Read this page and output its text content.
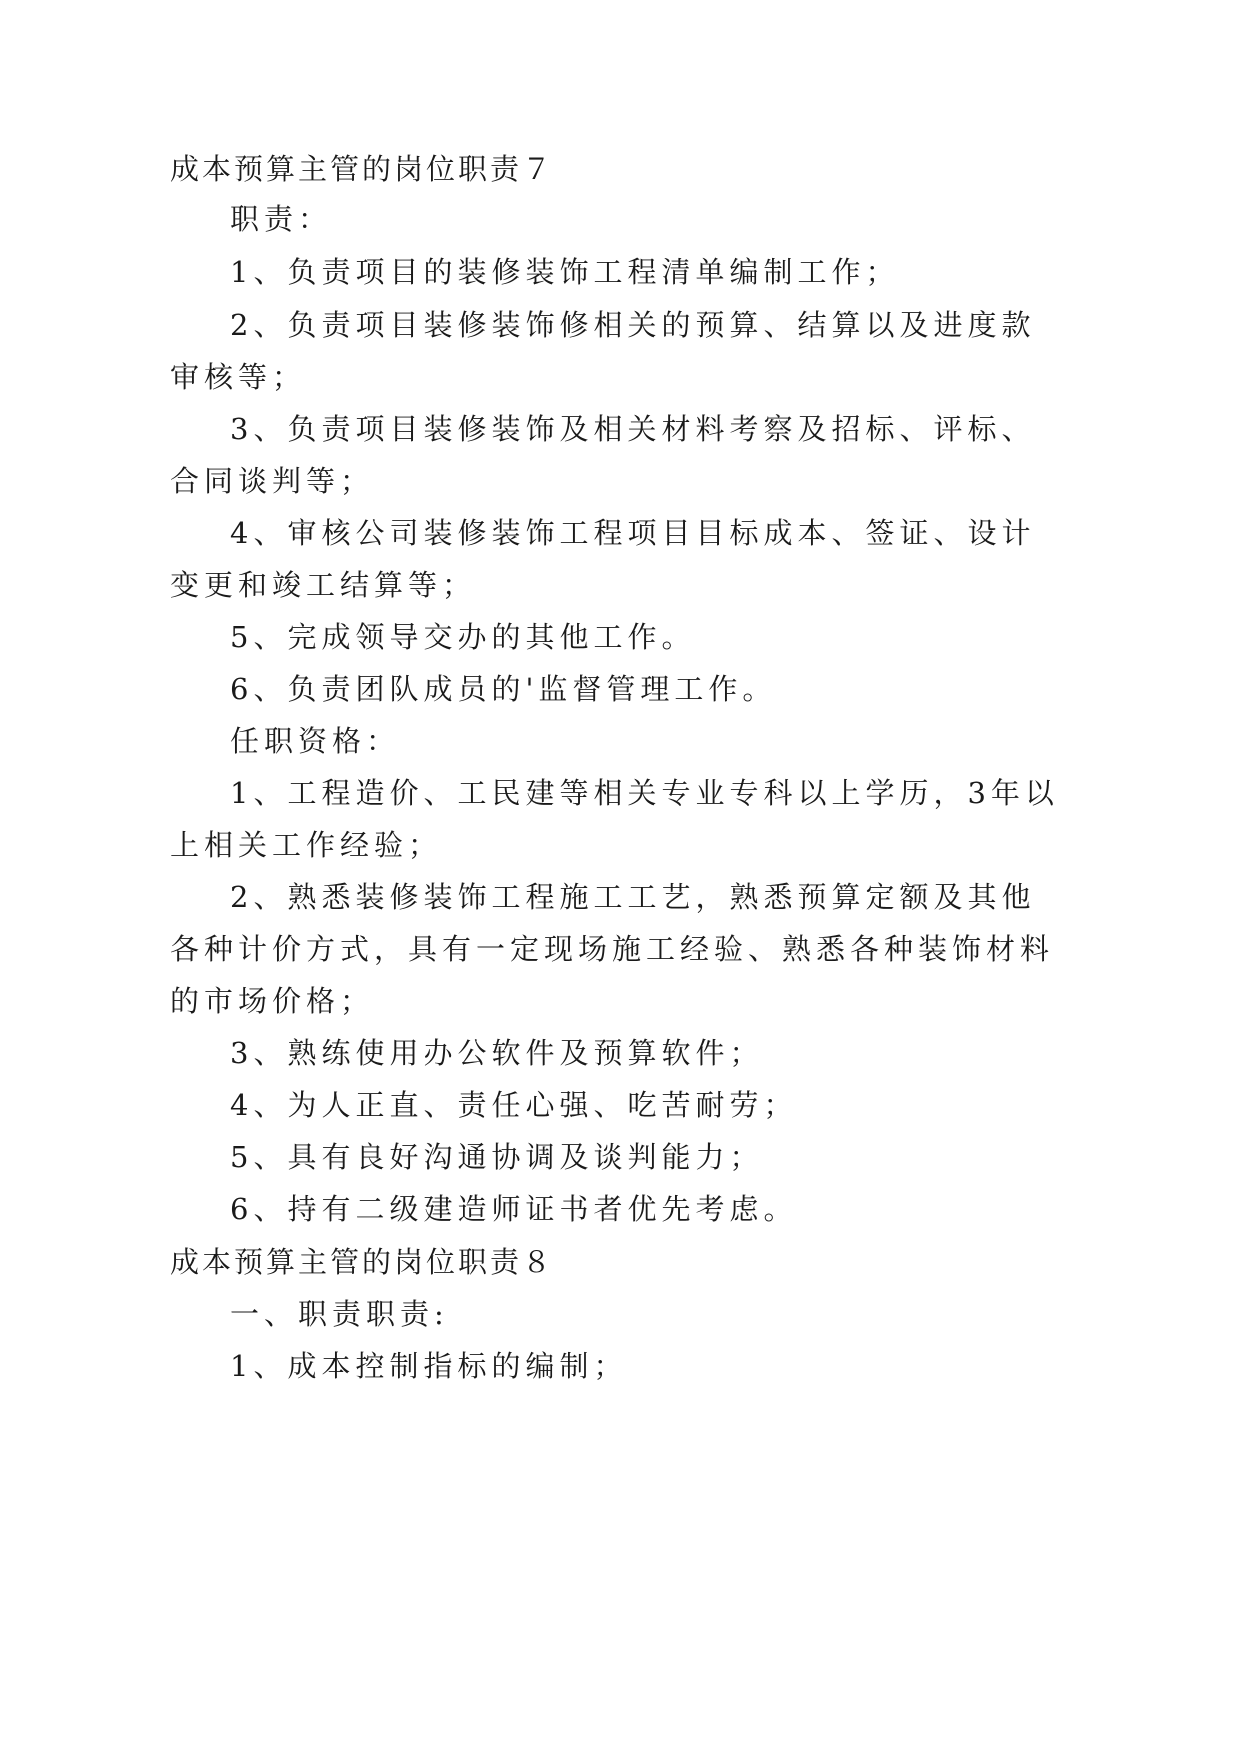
成本预算主管的岗位职责７
职责：
1、负责项目的装修装饰工程清单编制工作；
2、负责项目装修装饰修相关的预算、结算以及进度款
审核等；
3、负责项目装修装饰及相关材料考察及招标、评标、
合同谈判等；
4、审核公司装修装饰工程项目目标成本、签证、设计
变更和竣工结算等；
5、完成领导交办的其他工作。
6、负责团队成员的'监督管理工作。
任职资格：
1、工程造价、工民建等相关专业专科以上学历，3年以
上相关工作经验；
2、熟悉装修装饰工程施工工艺，熟悉预算定额及其他
各种计价方式，具有一定现场施工经验、熟悉各种装饰材料
的市场价格；
3、熟练使用办公软件及预算软件；
4、为人正直、责任心强、吃苦耐劳；
5、具有良好沟通协调及谈判能力；
6、持有二级建造师证书者优先考虑。
成本预算主管的岗位职责８
一、职责职责:
1、成本控制指标的编制；
